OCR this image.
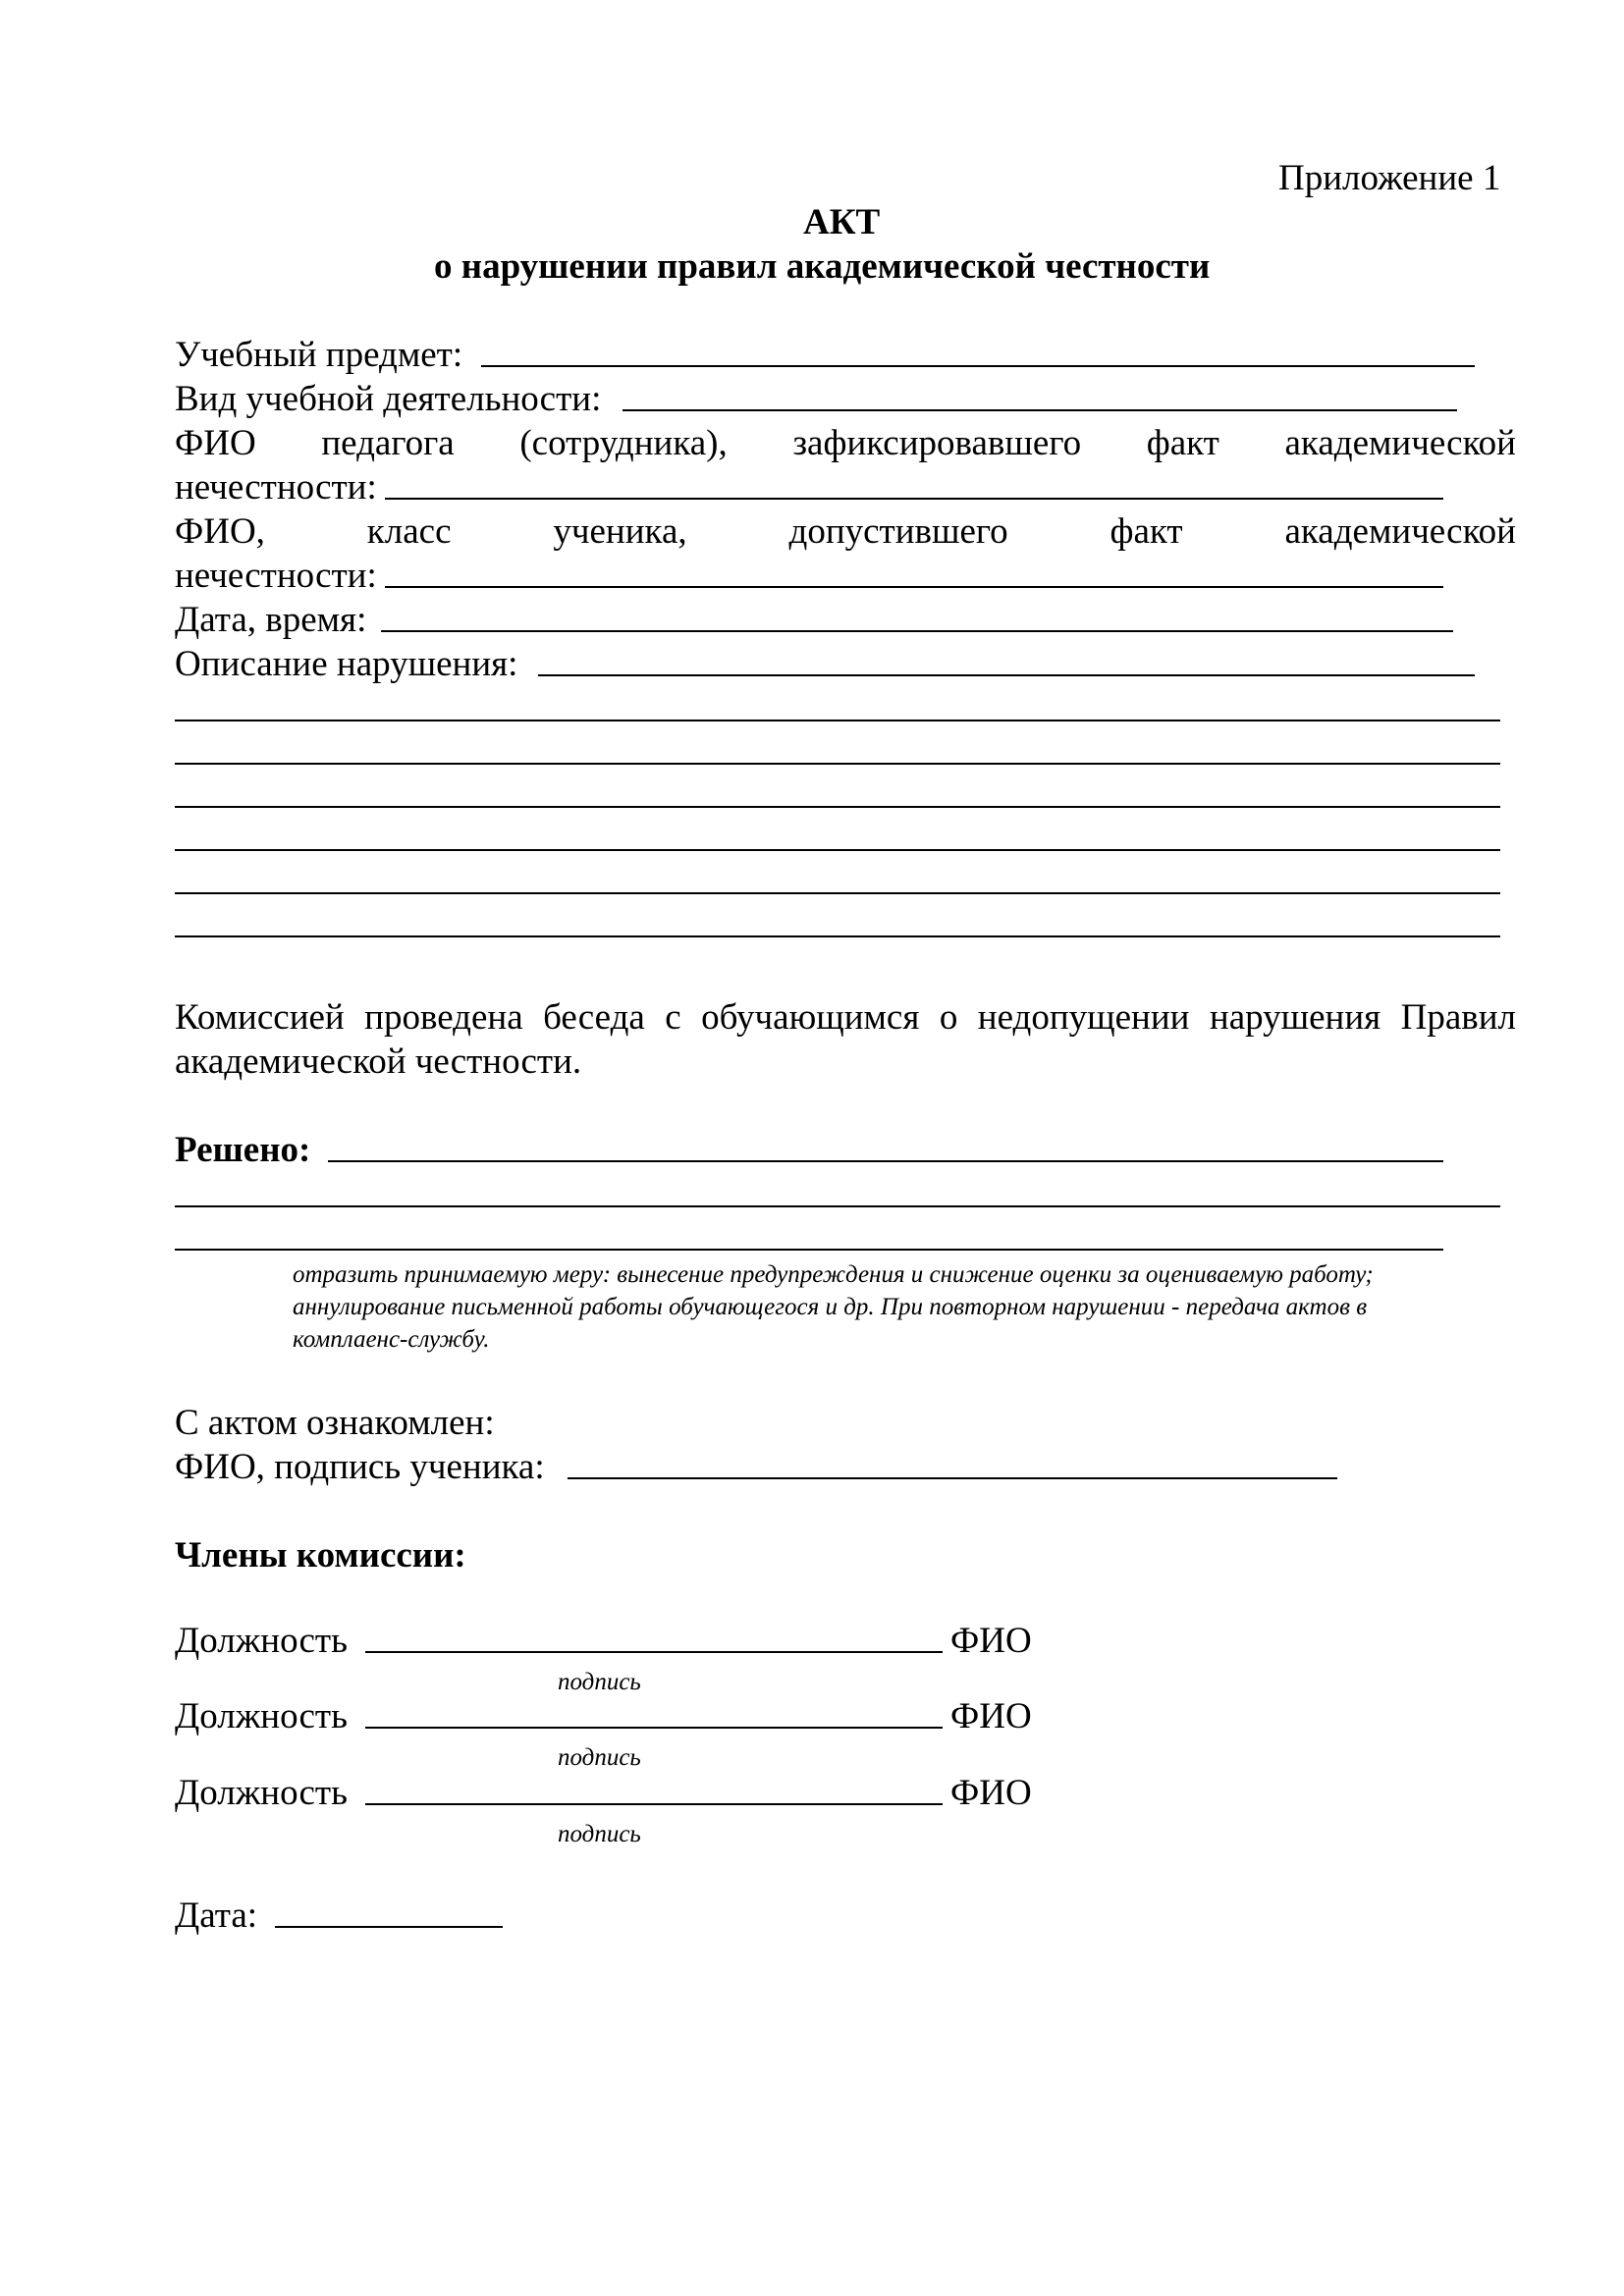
Приложение 1
АКТ
о нарушении правил академической честности
Учебный предмет:
Вид учебной деятельности:
ФИО педагога (сотрудника), зафиксировавшего факт академической
нечестности:
ФИО,	класс	ученика,	допустившего	факт	академической
нечестности:
Дата, время:
Описание нарушения:
Комиссией проведена беседа с обучающимся о недопущении нарушения Правил
академической честности.
Решено:
отразить принимаемую меру: вынесение предупреждения и снижение оценки за оцениваемую работу;
аннулирование письменной работы обучающегося и др. При повторном нарушении - передача актов в
комплаенс-службу.
С актом ознакомлен:
ФИО, подпись ученика:
Члены комиссии:
Должность	ФИО
подпись
Должность	ФИО
подпись
Должность	ФИО
подпись
Дата:
